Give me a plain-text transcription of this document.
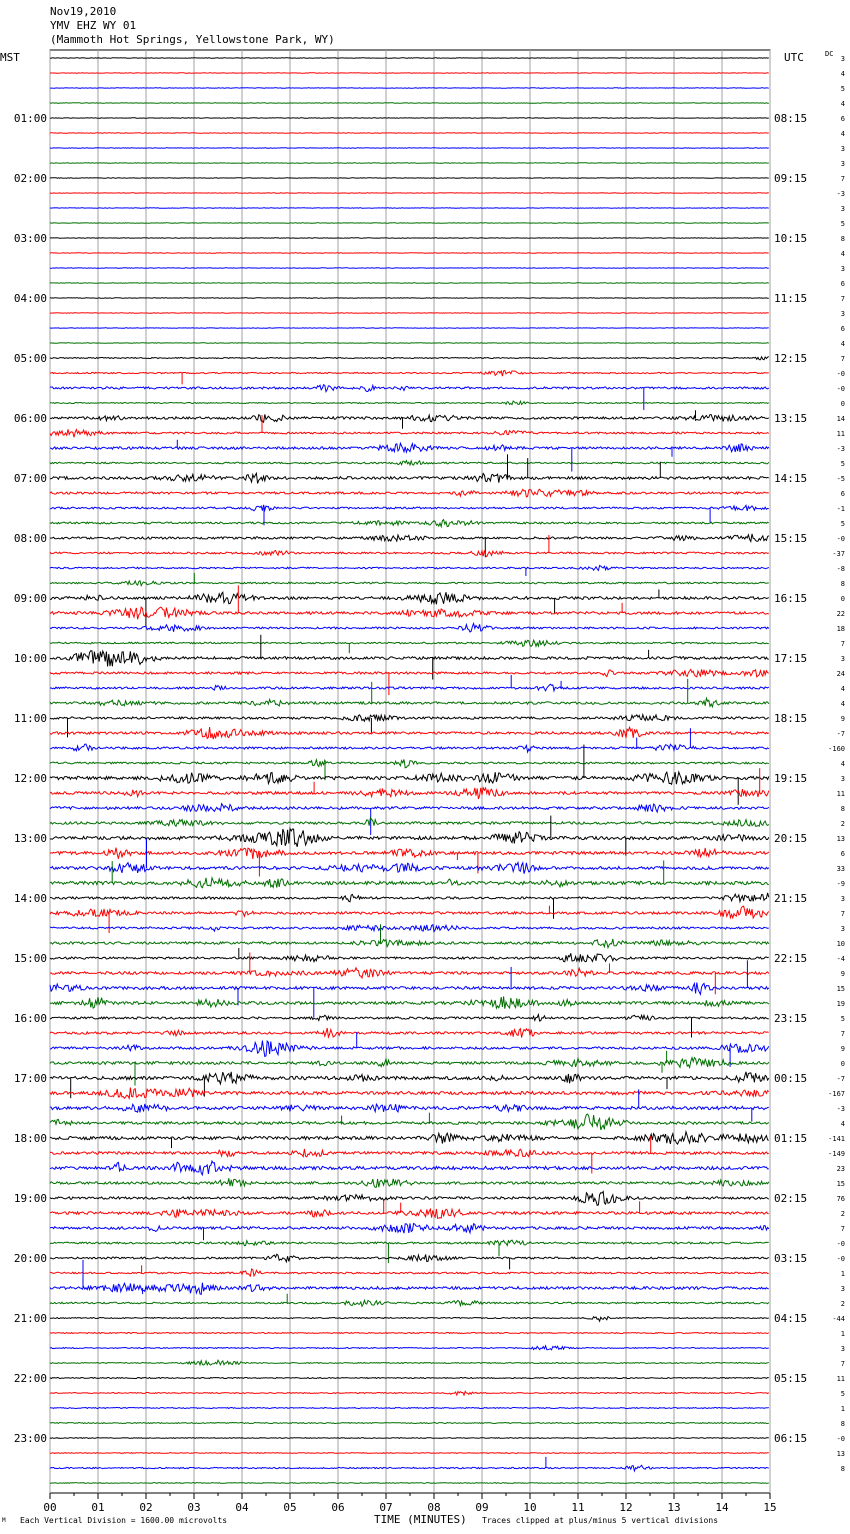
00	01	02	03	04	05	06	07	08	09	10	11	12	13	14	15
01:00	08:15
02:00	09:15
03:00	10:15
04:00	11:15
05:00	12:15
06:00	13:15
07:00	14:15
08:00	15:15
09:00	16:15
10:00	17:15
11:00	18:15
12:00	19:15
13:00	20:15
14:00	21:15
15:00	22:15
16:00	23:15
17:00	00:15
18:00	01:15
19:00	02:15
20:00	03:15
21:00	04:15
22:00	05:15
23:00	06:15
3
4
5
4
6
4
3
3
7
-3
3
5
8
4
3
6
7
3
6
4
7
-0
-0
0
14
11
-3
5
-5
6
-1
5
-0
-37
-8
8
0
22
18
7
3
24
4
4
9
-7
-160
4
3
11
8
2
13
6
33
-9
3
7
3
10
-4
9
15
19
5
7
9
0
-7
-167
-3
4
-141
-149
23
15
76
2
7
-0
-0
1
3
2
-44
1
3
7
11
5
1
8
-0
13
8
Nov19,2010
YMV EHZ WY 01
(Mammoth Hot Springs, Yellowstone Park, WY)
MST	UTC	DC
M Each Vertical Division = 1600.00 microvolts	TIME (MINUTES) Traces clipped at plus/minus 5 vertical divisions
